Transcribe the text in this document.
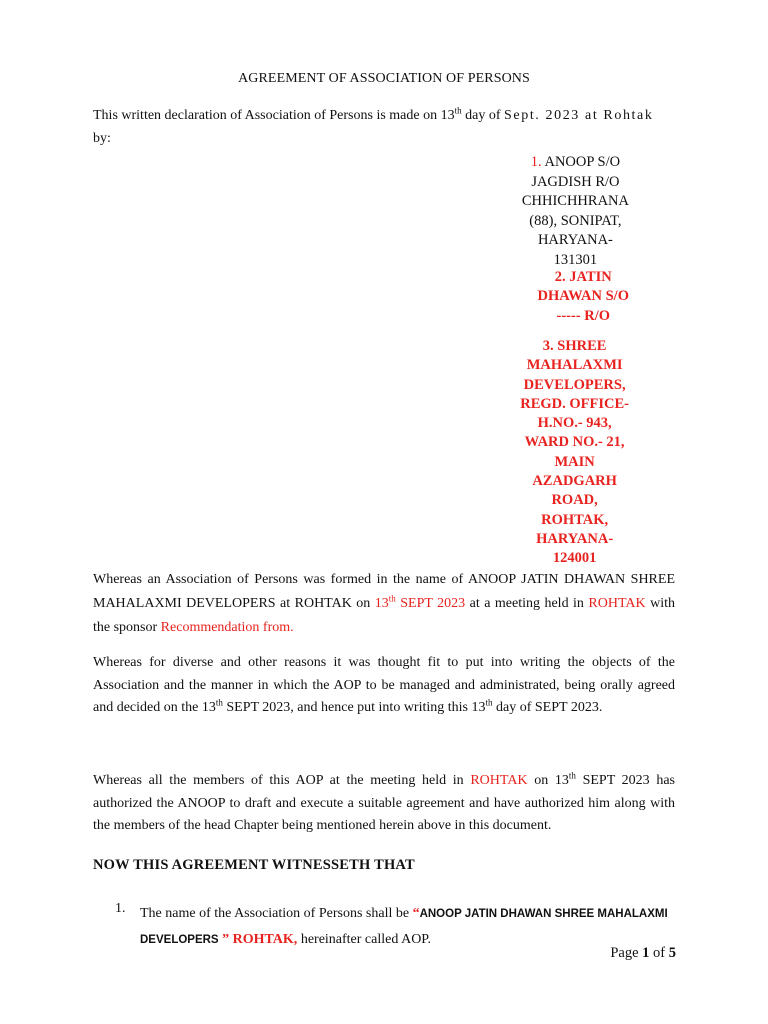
AGREEMENT OF ASSOCIATION OF PERSONS
This written declaration of Association of Persons is made on 13th day of Sept. 2023 at Rohtak
by:
1. ANOOP S/O
JAGDISH R/O
CHHICHHRANA
(88), SONIPAT,
HARYANA-
131301
2. JATIN
DHAWAN S/O
----- R/O
3. SHREE
MAHALAXMI
DEVELOPERS,
REGD. OFFICE-
H.NO.- 943,
WARD NO.- 21,
MAIN
AZADGARH
ROAD,
ROHTAK,
HARYANA-
124001
Whereas an Association of Persons was formed in the name of ANOOP JATIN DHAWAN SHREE MAHALAXMI DEVELOPERS at ROHTAK on 13th SEPT 2023 at a meeting held in ROHTAK with the sponsor Recommendation from.
Whereas for diverse and other reasons it was thought fit to put into writing the objects of the Association and the manner in which the AOP to be managed and administrated, being orally agreed and decided on the 13th SEPT 2023, and hence put into writing this 13th day of SEPT 2023.
Whereas all the members of this AOP at the meeting held in ROHTAK on 13th SEPT 2023 has authorized the ANOOP to draft and execute a suitable agreement and have authorized him along with the members of the head Chapter being mentioned herein above in this document.
NOW THIS AGREEMENT WITNESSETH THAT
1. The name of the Association of Persons shall be “ANOOP JATIN DHAWAN SHREE MAHALAXMI DEVELOPERS ” ROHTAK, hereinafter called AOP.
Page 1 of 5
